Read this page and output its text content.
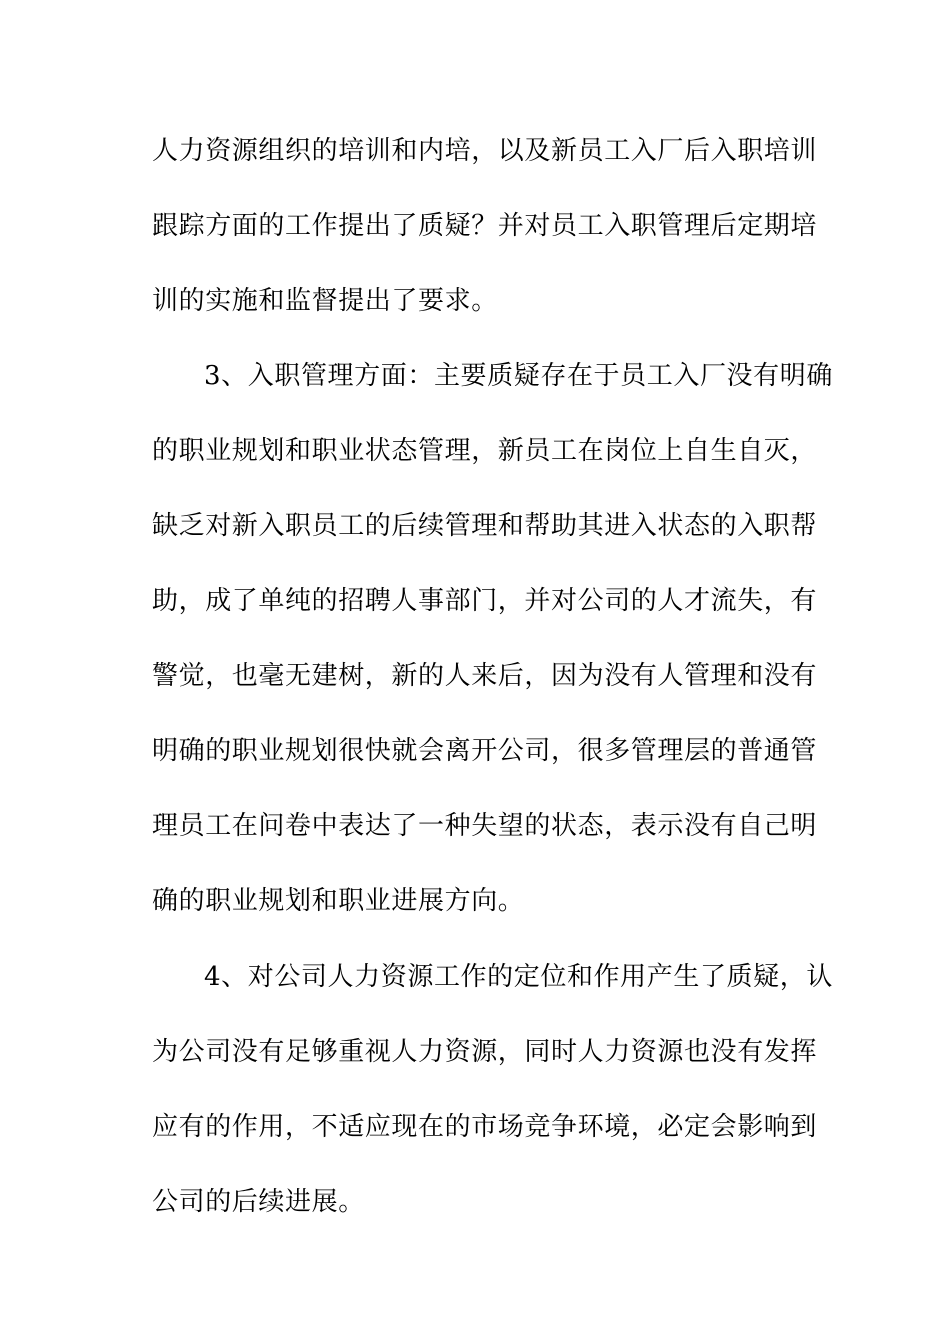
人力资源组织的培训和内培，以及新员工入厂后入职培训
跟踪方面的工作提出了质疑？并对员工入职管理后定期培
训的实施和监督提出了要求。
3、入职管理方面：主要质疑存在于员工入厂没有明确
的职业规划和职业状态管理，新员工在岗位上自生自灭，
缺乏对新入职员工的后续管理和帮助其进入状态的入职帮
助，成了单纯的招聘人事部门，并对公司的人才流失，有
警觉，也毫无建树，新的人来后，因为没有人管理和没有
明确的职业规划很快就会离开公司，很多管理层的普通管
理员工在问卷中表达了一种失望的状态，表示没有自己明
确的职业规划和职业进展方向。
4、对公司人力资源工作的定位和作用产生了质疑，认
为公司没有足够重视人力资源，同时人力资源也没有发挥
应有的作用，不适应现在的市场竞争环境，必定会影响到
公司的后续进展。
